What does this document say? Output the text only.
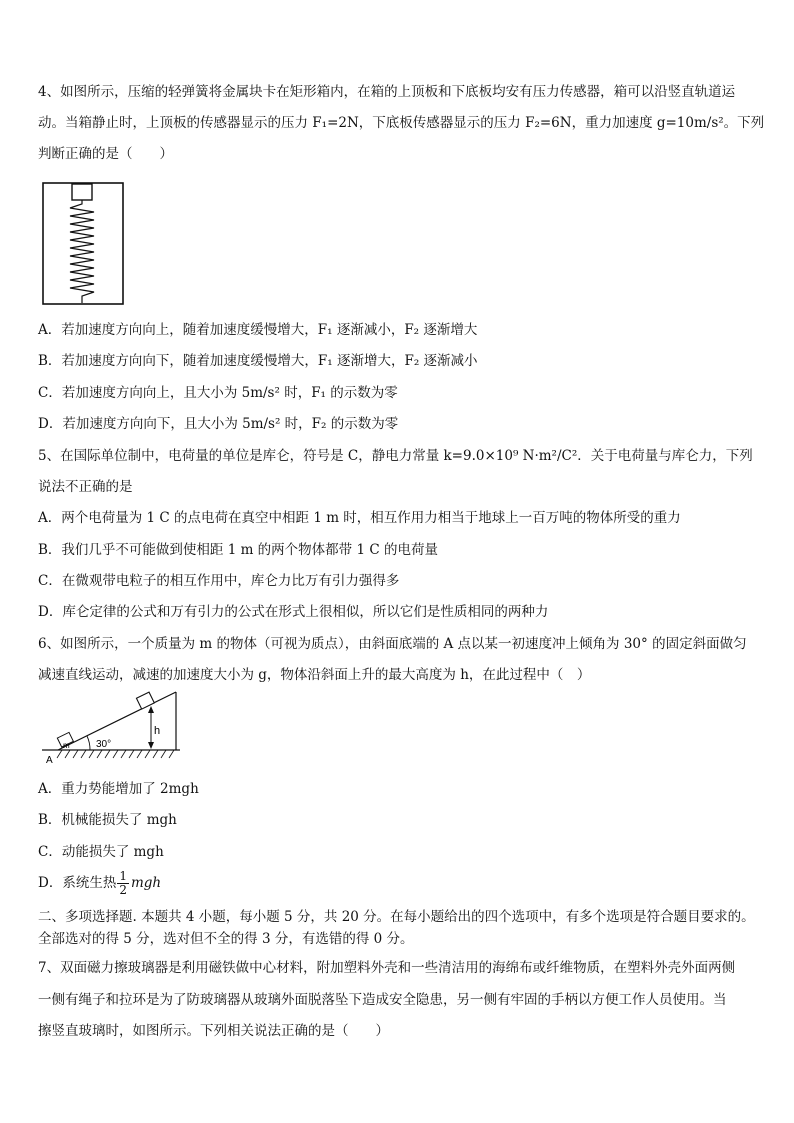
4、如图所示，压缩的轻弹簧将金属块卡在矩形箱内，在箱的上顶板和下底板均安有压力传感器，箱可以沿竖直轨道运
动。当箱静止时，上顶板的传感器显示的压力 F₁=2N，下底板传感器显示的压力 F₂=6N，重力加速度 g=10m/s²。下列
判断正确的是（　　）
A．若加速度方向向上，随着加速度缓慢增大，F₁ 逐渐减小，F₂ 逐渐增大
B．若加速度方向向下，随着加速度缓慢增大，F₁ 逐渐增大，F₂ 逐渐减小
C．若加速度方向向上，且大小为 5m/s² 时，F₁ 的示数为零
D．若加速度方向向下，且大小为 5m/s² 时，F₂ 的示数为零
5、在国际单位制中，电荷量的单位是库仑，符号是 C，静电力常量 k=9.0×10⁹ N·m²/C²．关于电荷量与库仑力，下列
说法不正确的是
A．两个电荷量为 1 C 的点电荷在真空中相距 1 m 时，相互作用力相当于地球上一百万吨的物体所受的重力
B．我们几乎不可能做到使相距 1 m 的两个物体都带 1 C 的电荷量
C．在微观带电粒子的相互作用中，库仑力比万有引力强得多
D．库仑定律的公式和万有引力的公式在形式上很相似，所以它们是性质相同的两种力
6、如图所示，一个质量为 m 的物体（可视为质点），由斜面底端的 A 点以某一初速度冲上倾角为 30° 的固定斜面做匀
减速直线运动，减速的加速度大小为 g，物体沿斜面上升的最大高度为 h，在此过程中（　）
m	30°
h
A
A．重力势能增加了 2mgh
B．机械能损失了 mgh
C．动能损失了 mgh
D．系统生热 $\frac{1}{2}$ mgh
二、多项选择题. 本题共 4 小题，每小题 5 分，共 20 分。在每小题给出的四个选项中，有多个选项是符合题目要求的。
全部选对的得 5 分，选对但不全的得 3 分，有选错的得 0 分。
7、双面磁力擦玻璃器是利用磁铁做中心材料，附加塑料外壳和一些清洁用的海绵布或纤维物质，在塑料外壳外面两侧
一侧有绳子和拉环是为了防玻璃器从玻璃外面脱落坠下造成安全隐患，另一侧有牢固的手柄以方便工作人员使用。当
擦竖直玻璃时，如图所示。下列相关说法正确的是（　　）
